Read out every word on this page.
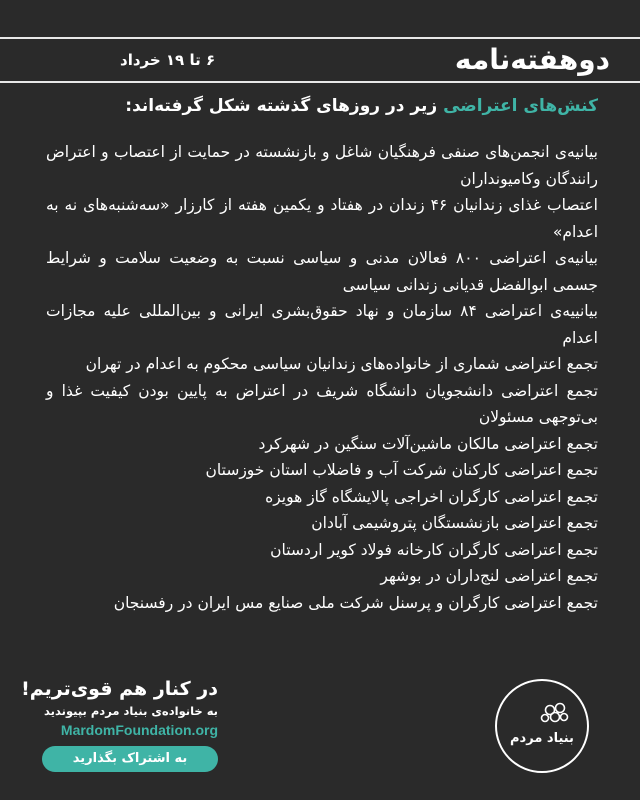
دوهفته‌نامه
۶ تا ۱۹ خرداد
کنش‌های اعتراضی زیر در روزهای گذشته شکل گرفته‌اند:
بیانیه‌ی انجمن‌های صنفی فرهنگیان شاغل و بازنشسته در حمایت از اعتصاب و اعتراض رانندگان وکامیونداران
اعتصاب غذای زندانیان ۴۶ زندان در هفتاد و یکمین هفته از کارزار «سه‌شنبه‌های نه به اعدام»
بیانیه‌ی اعتراضی ۸۰۰ فعالان مدنی و سیاسی نسبت به وضعیت سلامت و شرایط جسمی ابوالفضل قدیانی زندانی سیاسی
بیانییه‌ی اعتراضی ۸۴ سازمان و نهاد حقوق‌بشری ایرانی و بین‌المللی علیه مجازات اعدام
تجمع اعتراضی شماری از خانواده‌های زندانیان سیاسی محکوم به اعدام در تهران
تجمع اعتراضی دانشجویان دانشگاه شریف در اعتراض به پایین بودن کیفیت غذا و بی‌توجهی مسئولان
تجمع اعتراضی مالکان ماشین‌آلات سنگین در شهرکرد
تجمع اعتراضی کارکنان شرکت آب و فاضلاب استان خوزستان
تجمع اعتراضی کارگران اخراجی پالایشگاه گاز هویزه
تجمع اعتراضی بازنشستگان پتروشیمی آبادان
تجمع اعتراضی کارگران کارخانه فولاد کویر اردستان
تجمع اعتراضی لنج‌داران در بوشهر
تجمع اعتراضی کارگران و پرسنل شرکت ملی صنایع مس ایران در رفسنجان
در کنار هم قوی‌تریم!
به خانواده‌ی بنیاد مردم بپیوندید
MardomFoundation.org
به اشتراک بگذارید
بنیاد مردم
